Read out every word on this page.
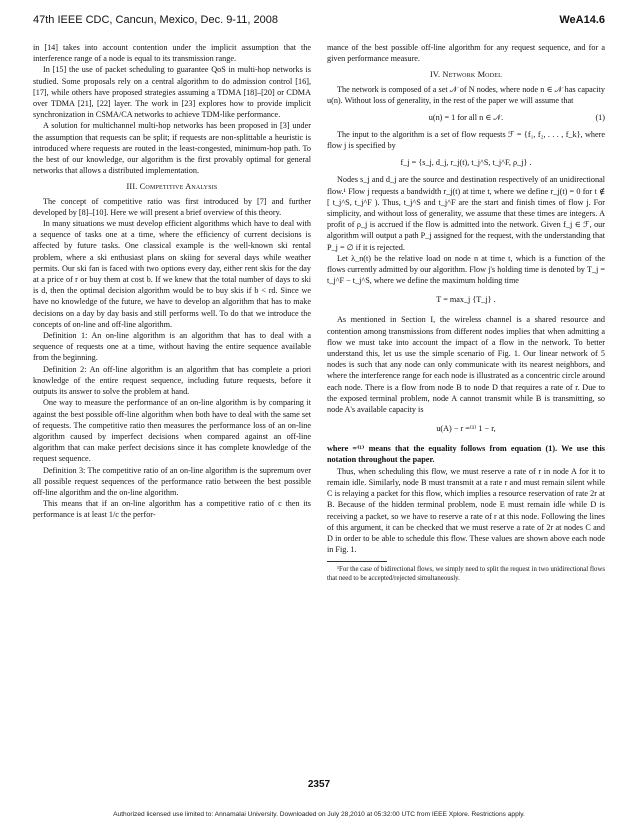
47th IEEE CDC, Cancun, Mexico, Dec. 9-11, 2008	WeA14.6

in [14] takes into account contention under the implicit assumption that the interference range of a node is equal to its transmission range.

In [15] the use of packet scheduling to guarantee QoS in multi-hop networks is studied. Some proposals rely on a central algorithm to do admission control [16], [17], while others have proposed strategies assuming a TDMA [18]–[20] or CDMA over TDMA [21], [22] layer. The work in [23] explores how to provide implicit synchronization in CSMA/CA networks to achieve TDM-like performance.

A solution for multichannel multi-hop networks has been proposed in [3] under the assumption that requests can be split; if requests are non-splittable a heuristic is introduced where requests are routed in the least-congested, minimum-hop path. To the best of our knowledge, our algorithm is the first provably optimal for general networks that allows a distributed implementation.

III. Competitive Analysis

The concept of competitive ratio was first introduced by [7] and further developed by [8]–[10]. Here we will present a brief overview of this theory.

In many situations we must develop efficient algorithms which have to deal with a sequence of tasks one at a time, where the efficiency of current decisions is affected by future tasks. One classical example is the well-known ski rental problem, where a ski enthusiast plans on skiing for several days while weather permits. Our ski fan is faced with two options every day, either rent skis for the day at a price of r or buy them at cost b. If we knew that the total number of days to ski is d, then the optimal decision algorithm would be to buy skis if b < rd. Since we have no knowledge of the future, we have to develop an algorithm that has to make decisions on a day by day basis and still performs well. To do that we introduce the concepts of on-line and off-line algorithm.

Definition 1: An on-line algorithm is an algorithm that has to deal with a sequence of requests one at a time, without having the entire sequence available from the beginning.

Definition 2: An off-line algorithm is an algorithm that has complete a priori knowledge of the entire request sequence, including future requests, before it outputs its answer to solve the problem at hand.

One way to measure the performance of an on-line algorithm is by comparing it against the best possible off-line algorithm when both have to deal with the same set of requests. The competitive ratio then measures the performance loss of an on-line algorithm caused by imperfect decisions when compared against an off-line algorithm that can make perfect decisions since it has complete knowledge of the request sequence.

Definition 3: The competitive ratio of an on-line algorithm is the supremum over all possible request sequences of the performance ratio between the best possible off-line algorithm and the on-line algorithm.

This means that if an on-line algorithm has a competitive ratio of c then its performance is at least 1/c the perfor-

mance of the best possible off-line algorithm for any request sequence, and for a given performance measure.

IV. Network Model

The network is composed of a set 𝒩 of N nodes, where node n ∈ 𝒩 has capacity u(n). Without loss of generality, in the rest of the paper we will assume that

u(n) = 1 for all n ∈ 𝒩.	(1)

The input to the algorithm is a set of flow requests ℱ = {f₁, f₂, . . . , f_k}, where flow j is specified by

f_j = {s_j, d_j, r_j(t), t_j^S, t_j^F, ρ_j} .

Nodes s_j and d_j are the source and destination respectively of an unidirectional flow.¹ Flow j requests a bandwidth r_j(t) at time t, where we define r_j(t) = 0 for t ∉ [ t_j^S, t_j^F ). Thus, t_j^S and t_j^F are the start and finish times of flow j. For simplicity, and without loss of generality, we assume that these times are integers. A profit of ρ_j is accrued if the flow is admitted into the network. Given f_j ∈ ℱ, our algorithm will output a path P_j assigned for the request, with the understanding that P_j = ∅ if it is rejected.

Let λ_n(t) be the relative load on node n at time t, which is a function of the flows currently admitted by our algorithm. Flow j's holding time is denoted by T_j = t_j^F − t_j^S, where we define the maximum holding time

T = max_j {T_j} .

As mentioned in Section I, the wireless channel is a shared resource and contention among transmissions from different nodes implies that when admitting a flow we must take into account the impact of a flow in the network. To better understand this, let us use the simple scenario of Fig. 1. Our linear network of 5 nodes is such that any node can only communicate with its nearest neighbors, and where the interference range for each node is illustrated as a concentric circle around each node. There is a flow from node B to node D that requires a rate of r. Due to the exposed terminal problem, node A cannot transmit while B is transmitting, so node A's available capacity is

u(A) − r =⁽¹⁾ 1 − r,

where =⁽¹⁾ means that the equality follows from equation (1). We use this notation throughout the paper.

Thus, when scheduling this flow, we must reserve a rate of r in node A for it to remain idle. Similarly, node B must transmit at a rate r and must remain silent while C is relaying a packet for this flow, which implies a resource reservation of rate 2r at B. Because of the hidden terminal problem, node E must remain idle while D is receiving a packet, so we have to reserve a rate of r at this node. Following the lines of this argument, it can be checked that we must reserve a rate of 2r at nodes C and D in order to be able to schedule this flow. These values are shown above each node in Fig. 1.

¹For the case of bidirectional flows, we simply need to split the request in two unidirectional flows that need to be accepted/rejected simultaneously.

2357
Authorized licensed use limited to: Annamalai University. Downloaded on July 28,2010 at 05:32:00 UTC from IEEE Xplore. Restrictions apply.
